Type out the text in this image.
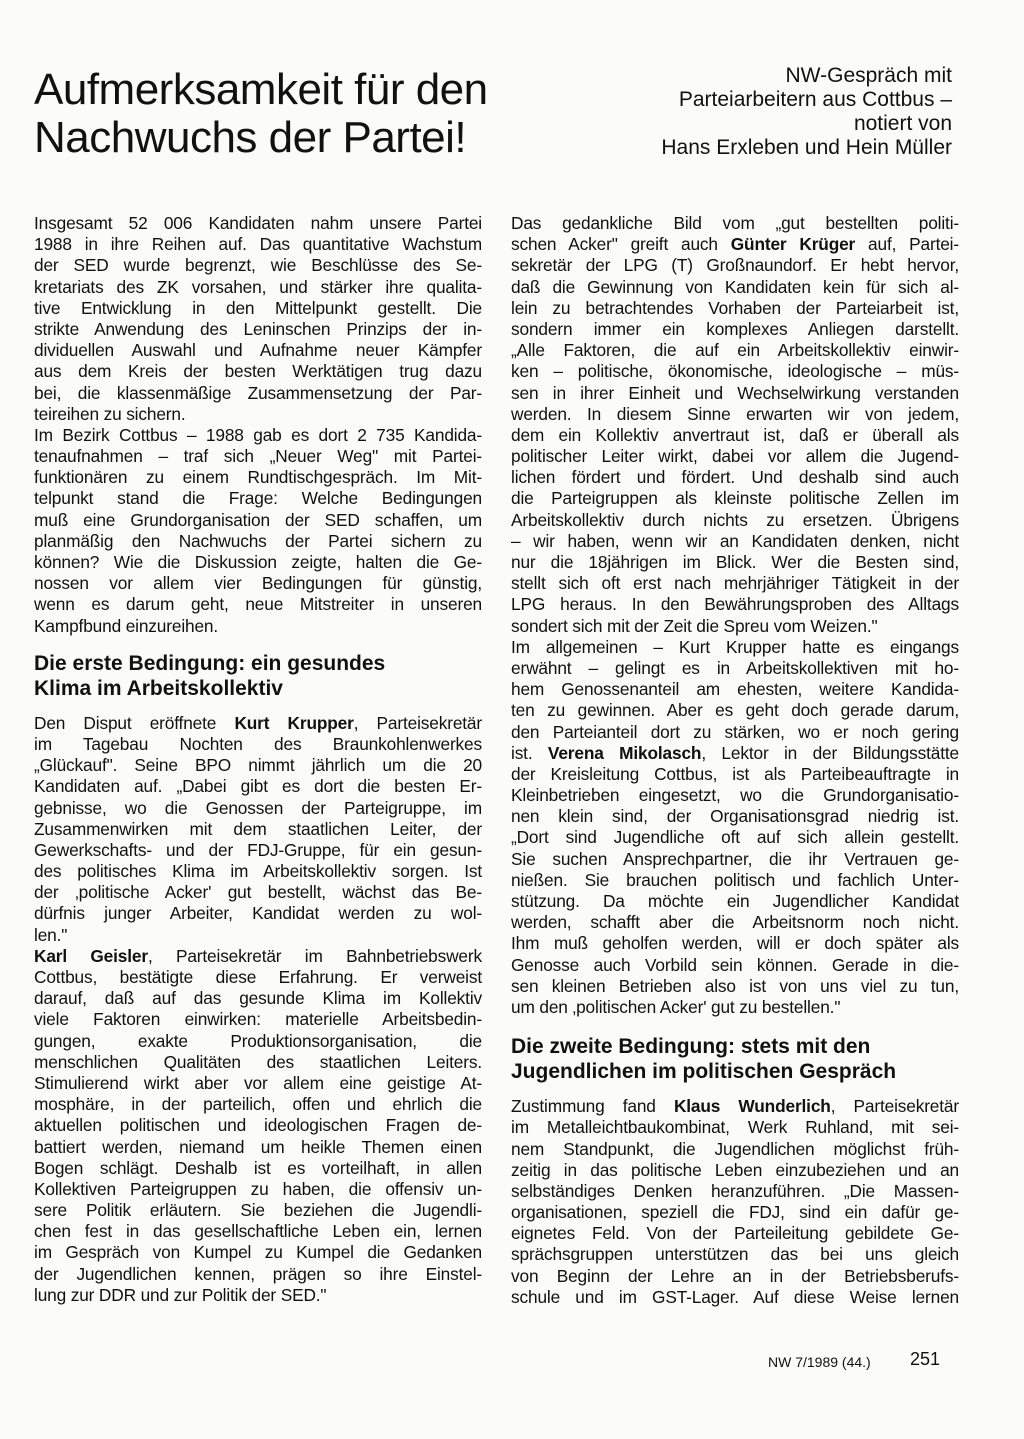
Aufmerksamkeit für den
Nachwuchs der Partei!
NW-Gespräch mit
Parteiarbeitern aus Cottbus –
notiert von
Hans Erxleben und Hein Müller
Insgesamt 52 006 Kandidaten nahm unsere Partei
1988 in ihre Reihen auf. Das quantitative Wachstum
der SED wurde begrenzt, wie Beschlüsse des Se-
kretariats des ZK vorsahen, und stärker ihre qualita-
tive Entwicklung in den Mittelpunkt gestellt. Die
strikte Anwendung des Leninschen Prinzips der in-
dividuellen Auswahl und Aufnahme neuer Kämpfer
aus dem Kreis der besten Werktätigen trug dazu
bei, die klassenmäßige Zusammensetzung der Par-
teireihen zu sichern.
Im Bezirk Cottbus – 1988 gab es dort 2 735 Kandida-
tenaufnahmen – traf sich „Neuer Weg" mit Partei-
funktionären zu einem Rundtischgespräch. Im Mit-
telpunkt stand die Frage: Welche Bedingungen
muß eine Grundorganisation der SED schaffen, um
planmäßig den Nachwuchs der Partei sichern zu
können? Wie die Diskussion zeigte, halten die Ge-
nossen vor allem vier Bedingungen für günstig,
wenn es darum geht, neue Mitstreiter in unseren
Kampfbund einzureihen.
Die erste Bedingung: ein gesundes
Klima im Arbeitskollektiv
Den Disput eröffnete Kurt Krupper, Parteisekretär
im Tagebau Nochten des Braunkohlenwerkes
„Glückauf". Seine BPO nimmt jährlich um die 20
Kandidaten auf. „Dabei gibt es dort die besten Er-
gebnisse, wo die Genossen der Parteigruppe, im
Zusammenwirken mit dem staatlichen Leiter, der
Gewerkschafts- und der FDJ-Gruppe, für ein gesun-
des politisches Klima im Arbeitskollektiv sorgen. Ist
der ‚politische Acker' gut bestellt, wächst das Be-
dürfnis junger Arbeiter, Kandidat werden zu wol-
len."
Karl Geisler, Parteisekretär im Bahnbetriebswerk
Cottbus, bestätigte diese Erfahrung. Er verweist
darauf, daß auf das gesunde Klima im Kollektiv
viele Faktoren einwirken: materielle Arbeitsbedin-
gungen, exakte Produktionsorganisation, die
menschlichen Qualitäten des staatlichen Leiters.
Stimulierend wirkt aber vor allem eine geistige At-
mosphäre, in der parteilich, offen und ehrlich die
aktuellen politischen und ideologischen Fragen de-
battiert werden, niemand um heikle Themen einen
Bogen schlägt. Deshalb ist es vorteilhaft, in allen
Kollektiven Parteigruppen zu haben, die offensiv un-
sere Politik erläutern. Sie beziehen die Jugendli-
chen fest in das gesellschaftliche Leben ein, lernen
im Gespräch von Kumpel zu Kumpel die Gedanken
der Jugendlichen kennen, prägen so ihre Einstel-
lung zur DDR und zur Politik der SED."
Das gedankliche Bild vom „gut bestellten politi-
schen Acker" greift auch Günter Krüger auf, Partei-
sekretär der LPG (T) Großnaundorf. Er hebt hervor,
daß die Gewinnung von Kandidaten kein für sich al-
lein zu betrachtendes Vorhaben der Parteiarbeit ist,
sondern immer ein komplexes Anliegen darstellt.
„Alle Faktoren, die auf ein Arbeitskollektiv einwir-
ken – politische, ökonomische, ideologische – müs-
sen in ihrer Einheit und Wechselwirkung verstanden
werden. In diesem Sinne erwarten wir von jedem,
dem ein Kollektiv anvertraut ist, daß er überall als
politischer Leiter wirkt, dabei vor allem die Jugend-
lichen fördert und fördert. Und deshalb sind auch
die Parteigruppen als kleinste politische Zellen im
Arbeitskollektiv durch nichts zu ersetzen. Übrigens
– wir haben, wenn wir an Kandidaten denken, nicht
nur die 18jährigen im Blick. Wer die Besten sind,
stellt sich oft erst nach mehrjähriger Tätigkeit in der
LPG heraus. In den Bewährungsproben des Alltags
sondert sich mit der Zeit die Spreu vom Weizen."
Im allgemeinen – Kurt Krupper hatte es eingangs
erwähnt – gelingt es in Arbeitskollektiven mit ho-
hem Genossenanteil am ehesten, weitere Kandida-
ten zu gewinnen. Aber es geht doch gerade darum,
den Parteianteil dort zu stärken, wo er noch gering
ist. Verena Mikolasch, Lektor in der Bildungsstätte
der Kreisleitung Cottbus, ist als Parteibeauftragte in
Kleinbetrieben eingesetzt, wo die Grundorganisatio-
nen klein sind, der Organisationsgrad niedrig ist.
„Dort sind Jugendliche oft auf sich allein gestellt.
Sie suchen Ansprechpartner, die ihr Vertrauen ge-
nießen. Sie brauchen politisch und fachlich Unter-
stützung. Da möchte ein Jugendlicher Kandidat
werden, schafft aber die Arbeitsnorm noch nicht.
Ihm muß geholfen werden, will er doch später als
Genosse auch Vorbild sein können. Gerade in die-
sen kleinen Betrieben also ist von uns viel zu tun,
um den ‚politischen Acker' gut zu bestellen."
Die zweite Bedingung: stets mit den
Jugendlichen im politischen Gespräch
Zustimmung fand Klaus Wunderlich, Parteisekretär
im Metalleichtbaukombinat, Werk Ruhland, mit sei-
nem Standpunkt, die Jugendlichen möglichst früh-
zeitig in das politische Leben einzubeziehen und an
selbständiges Denken heranzuführen. „Die Massen-
organisationen, speziell die FDJ, sind ein dafür ge-
eignetes Feld. Von der Parteileitung gebildete Ge-
sprächsgruppen unterstützen das bei uns gleich
von Beginn der Lehre an in der Betriebsberufs-
schule und im GST-Lager. Auf diese Weise lernen
NW 7/1989 (44.) 251
